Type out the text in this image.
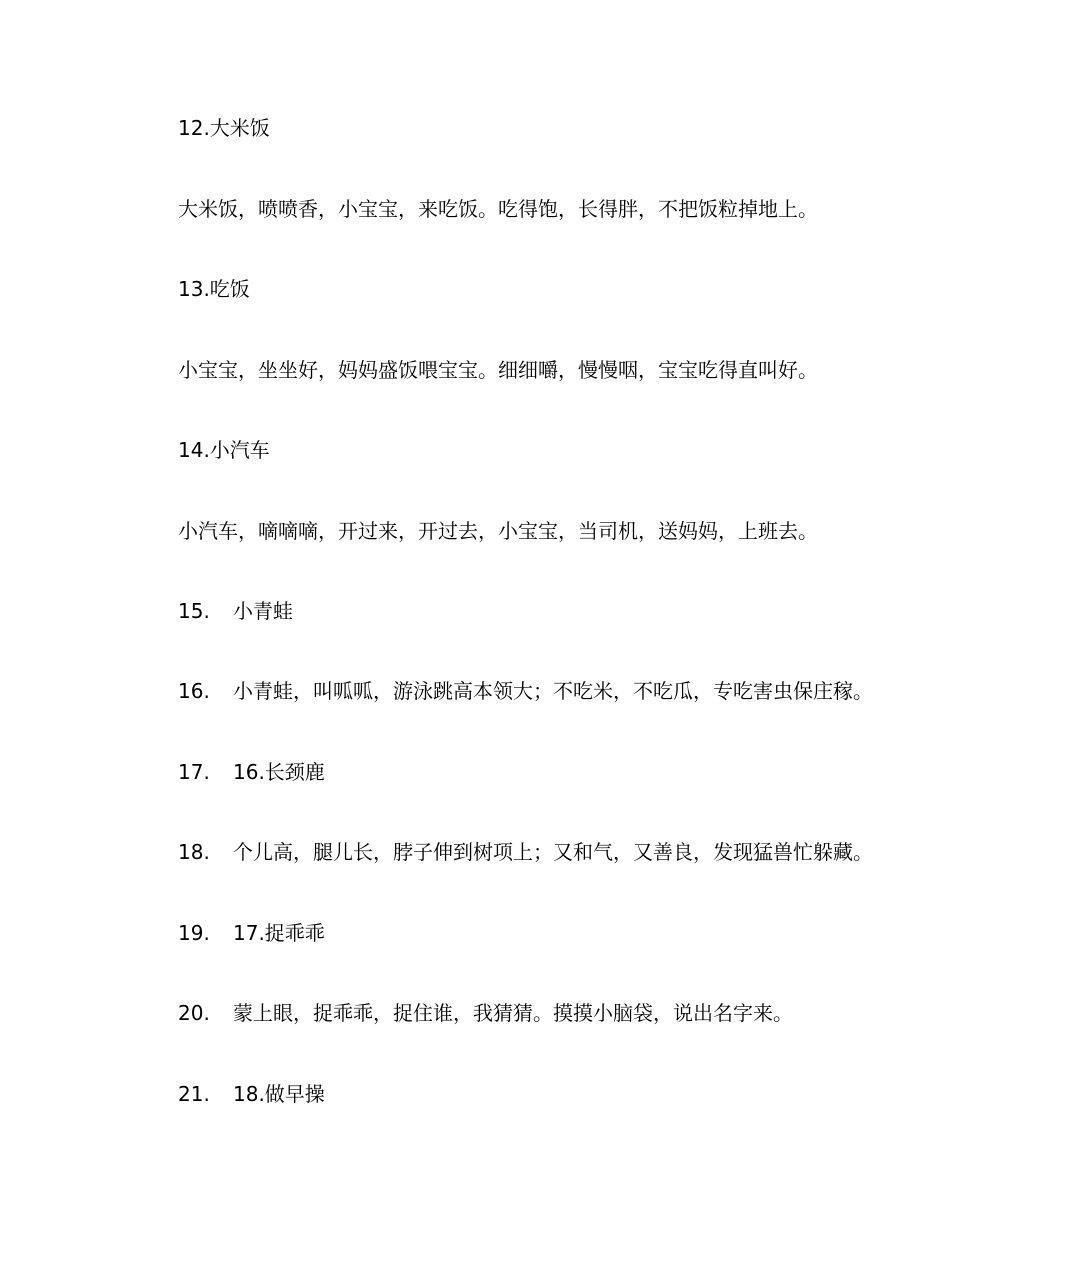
12.大米饭
大米饭，喷喷香，小宝宝，来吃饭。吃得饱，长得胖，不把饭粒掉地上。
13.吃饭
小宝宝，坐坐好，妈妈盛饭喂宝宝。细细嚼，慢慢咽，宝宝吃得直叫好。
14.小汽车
小汽车，嘀嘀嘀，开过来，开过去，小宝宝，当司机，送妈妈，上班去。
15. 小青蛙
16. 小青蛙，叫呱呱，游泳跳高本领大；不吃米，不吃瓜，专吃害虫保庄稼。
17. 16.长颈鹿
18. 个儿高，腿儿长，脖子伸到树项上；又和气，又善良，发现猛兽忙躲藏。
19. 17.捉乖乖
20. 蒙上眼，捉乖乖，捉住谁，我猜猜。摸摸小脑袋，说出名字来。
21. 18.做早操
